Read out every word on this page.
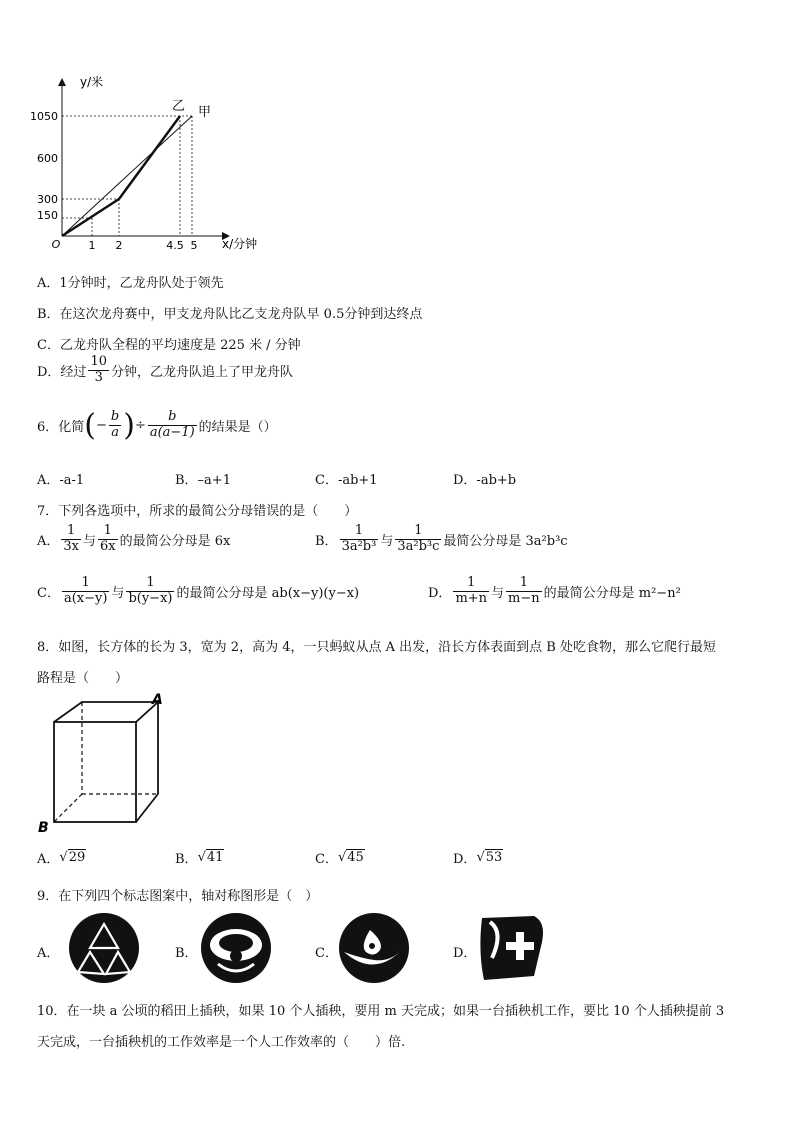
y/米
x/分钟
O
1050
600
300
150
1 2	4.5 5
乙 甲
A．1分钟时，乙龙舟队处于领先
B．在这次龙舟赛中，甲支龙舟队比乙支龙舟队早 0.5分钟到达终点
C．乙龙舟队全程的平均速度是 225 米 / 分钟
D．经过 $\frac{10}{3}$ 分钟，乙龙舟队追上了甲龙舟队
6．化简 ( − $\frac{b}{a}$ ) ÷ $\frac{b}{a(a-1)}$ 的结果是（）
A．-a-1	B．–a+1	C．-ab+1	D．-ab+b
7．下列各选项中，所求的最简公分母错误的是（　　）
A． $\frac{1}{3x}$ 与 $\frac{1}{6x}$ 的最简公分母是 6x	B． $\frac{1}{\text{3a²b³}}$ 与 $\frac{1}{\text{3a²b³c}}$ 最简公分母是 3a²b³c
C． $\frac{1}{a(x-y)}$ 与 $\frac{1}{b(y-x)}$ 的最简公分母是 ab(x−y)(y−x)	D． $\frac{1}{m+n}$ 与 $\frac{1}{m-n}$ 的最简公分母是 m²−n²
8．如图，长方体的长为 3，宽为 2，高为 4，一只蚂蚁从点 A 出发，沿长方体表面到点 B 处吃食物，那么它爬行最短
路程是（　　）
A
B
A． √29	B． √41	C． √45	D． √53
9．在下列四个标志图案中，轴对称图形是（　）
A．	B．	C．	D．
10．在一块 a 公顷的稻田上插秧，如果 10 个人插秧，要用 m 天完成；如果一台插秧机工作，要比 10 个人插秧提前 3
天完成，一台插秧机的工作效率是一个人工作效率的（　　）倍.
